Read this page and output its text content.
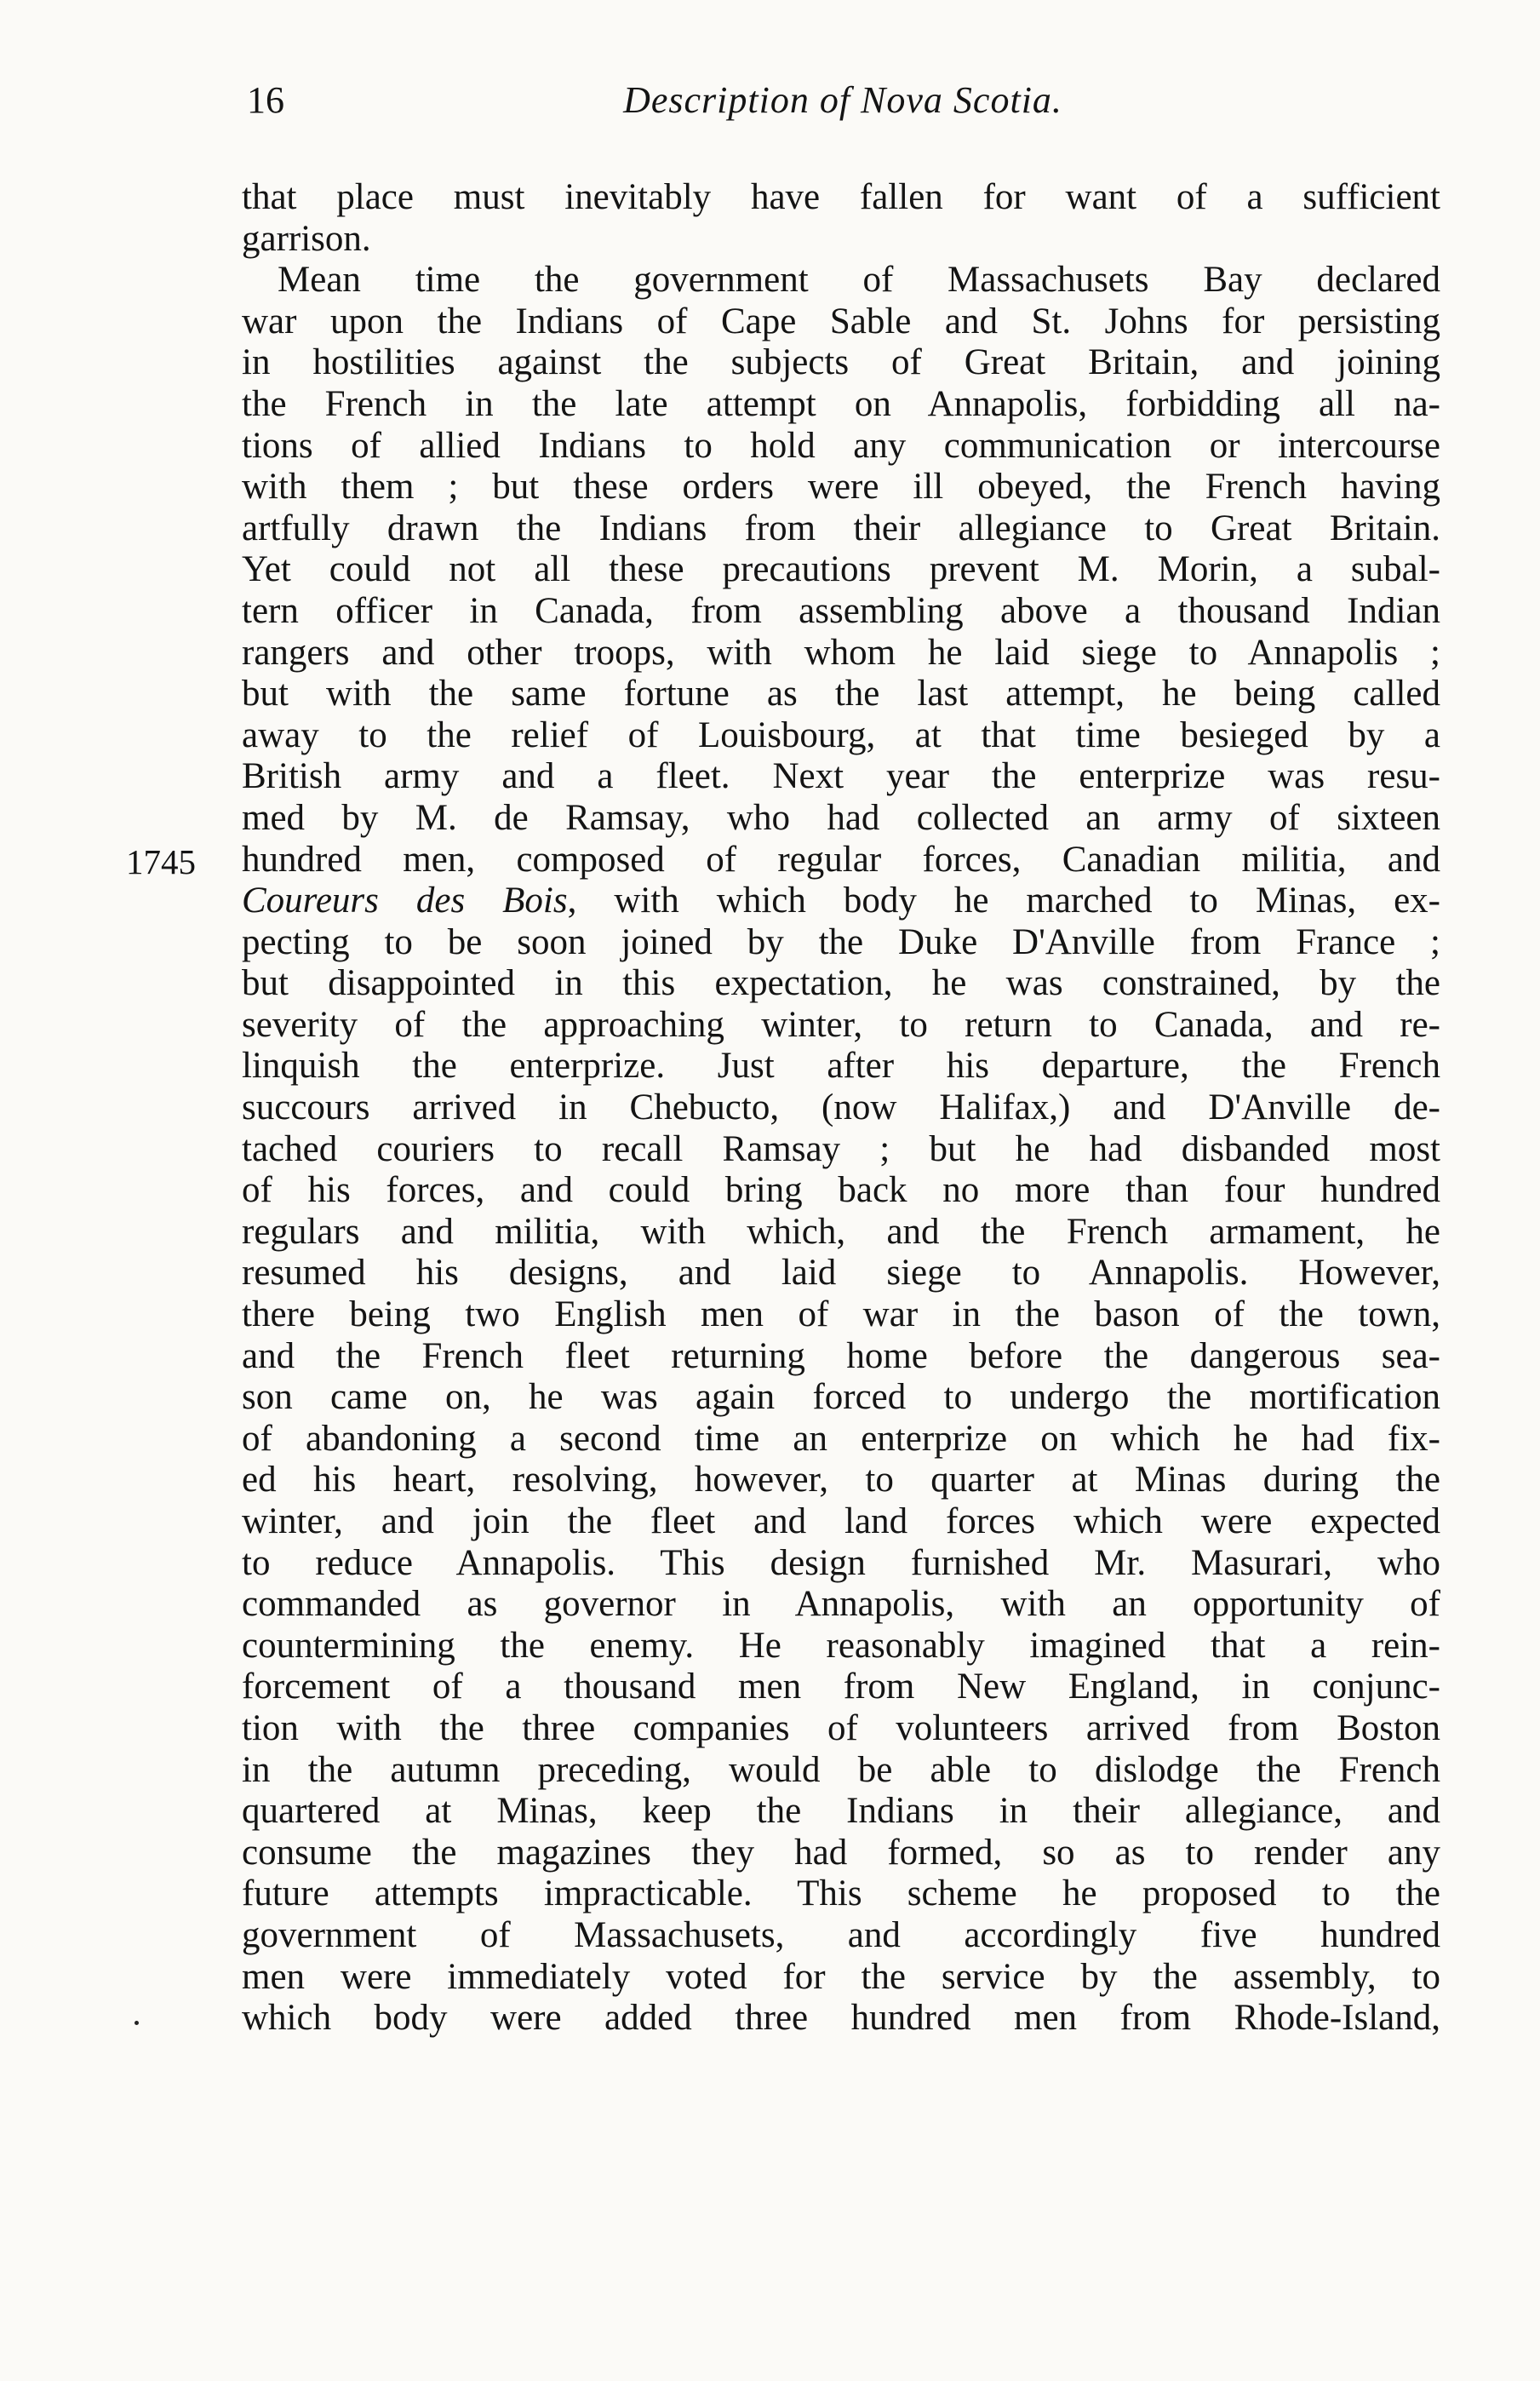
Description of Nova Scotia.
16
that place must inevitably have fallen for want of a sufficient
garrison.
Mean time the government of Massachusets Bay declared
war upon the Indians of Cape Sable and St. Johns for persisting
in hostilities against the subjects of Great Britain, and joining
the French in the late attempt on Annapolis, forbidding all na-
tions of allied Indians to hold any communication or intercourse
with them ; but these orders were ill obeyed, the French having
artfully drawn the Indians from their allegiance to Great Britain.
Yet could not all these precautions prevent M. Morin, a subal-
tern officer in Canada, from assembling above a thousand Indian
rangers and other troops, with whom he laid siege to Annapolis ;
but with the same fortune as the last attempt, he being called
away to the relief of Louisbourg, at that time besieged by a
British army and a fleet. Next year the enterprize was resu-
med by M. de Ramsay, who had collected an army of sixteen
hundred men, composed of regular forces, Canadian militia, and
Coureurs des Bois, with which body he marched to Minas, ex-
pecting to be soon joined by the Duke D'Anville from France ;
but disappointed in this expectation, he was constrained, by the
severity of the approaching winter, to return to Canada, and re-
linquish the enterprize. Just after his departure, the French
succours arrived in Chebucto, (now Halifax,) and D'Anville de-
tached couriers to recall Ramsay ; but he had disbanded most
of his forces, and could bring back no more than four hundred
regulars and militia, with which, and the French armament, he
resumed his designs, and laid siege to Annapolis. However,
there being two English men of war in the bason of the town,
and the French fleet returning home before the dangerous sea-
son came on, he was again forced to undergo the mortification
of abandoning a second time an enterprize on which he had fix-
ed his heart, resolving, however, to quarter at Minas during the
winter, and join the fleet and land forces which were expected
to reduce Annapolis. This design furnished Mr. Masurari, who
commanded as governor in Annapolis, with an opportunity of
countermining the enemy. He reasonably imagined that a rein-
forcement of a thousand men from New England, in conjunc-
tion with the three companies of volunteers arrived from Boston
in the autumn preceding, would be able to dislodge the French
quartered at Minas, keep the Indians in their allegiance, and
consume the magazines they had formed, so as to render any
future attempts impracticable. This scheme he proposed to the
government of Massachusets, and accordingly five hundred
men were immediately voted for the service by the assembly, to
which body were added three hundred men from Rhode-Island,
1745
